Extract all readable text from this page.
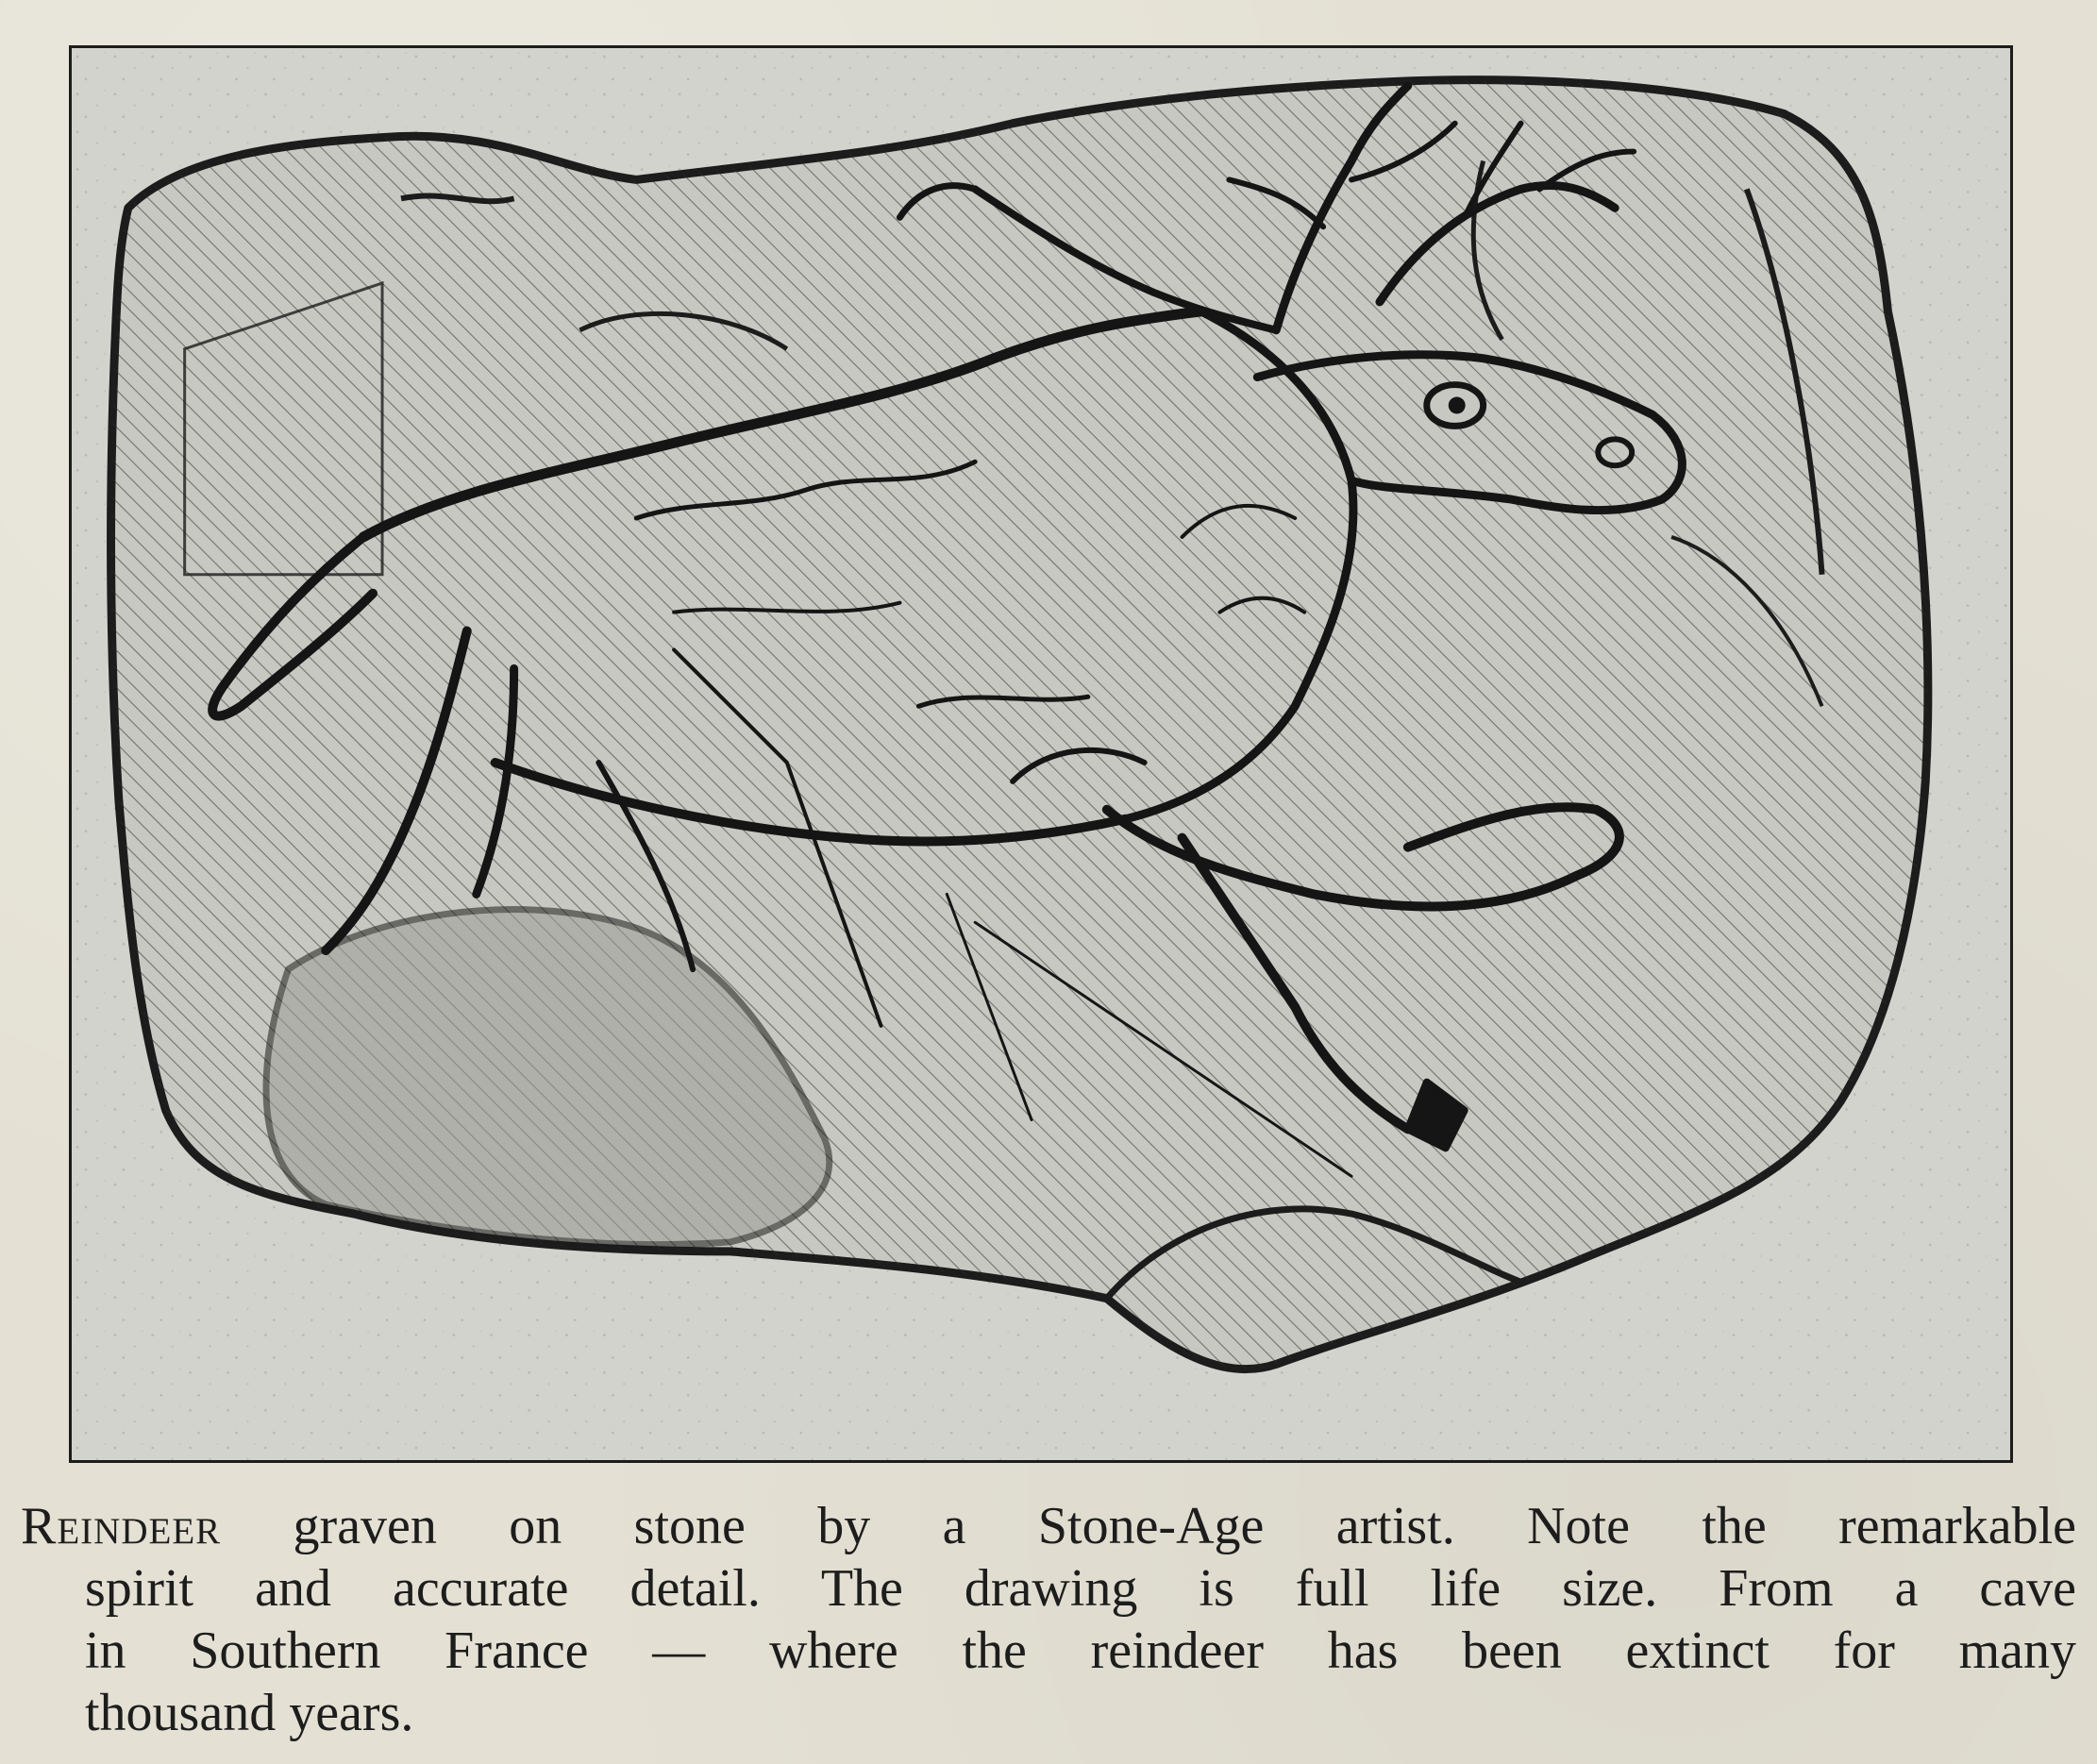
Reindeer graven on stone by a Stone-Age artist. Note the remarkable
spirit and accurate detail. The drawing is full life size. From a cave
in Southern France — where the reindeer has been extinct for many
thousand years.
